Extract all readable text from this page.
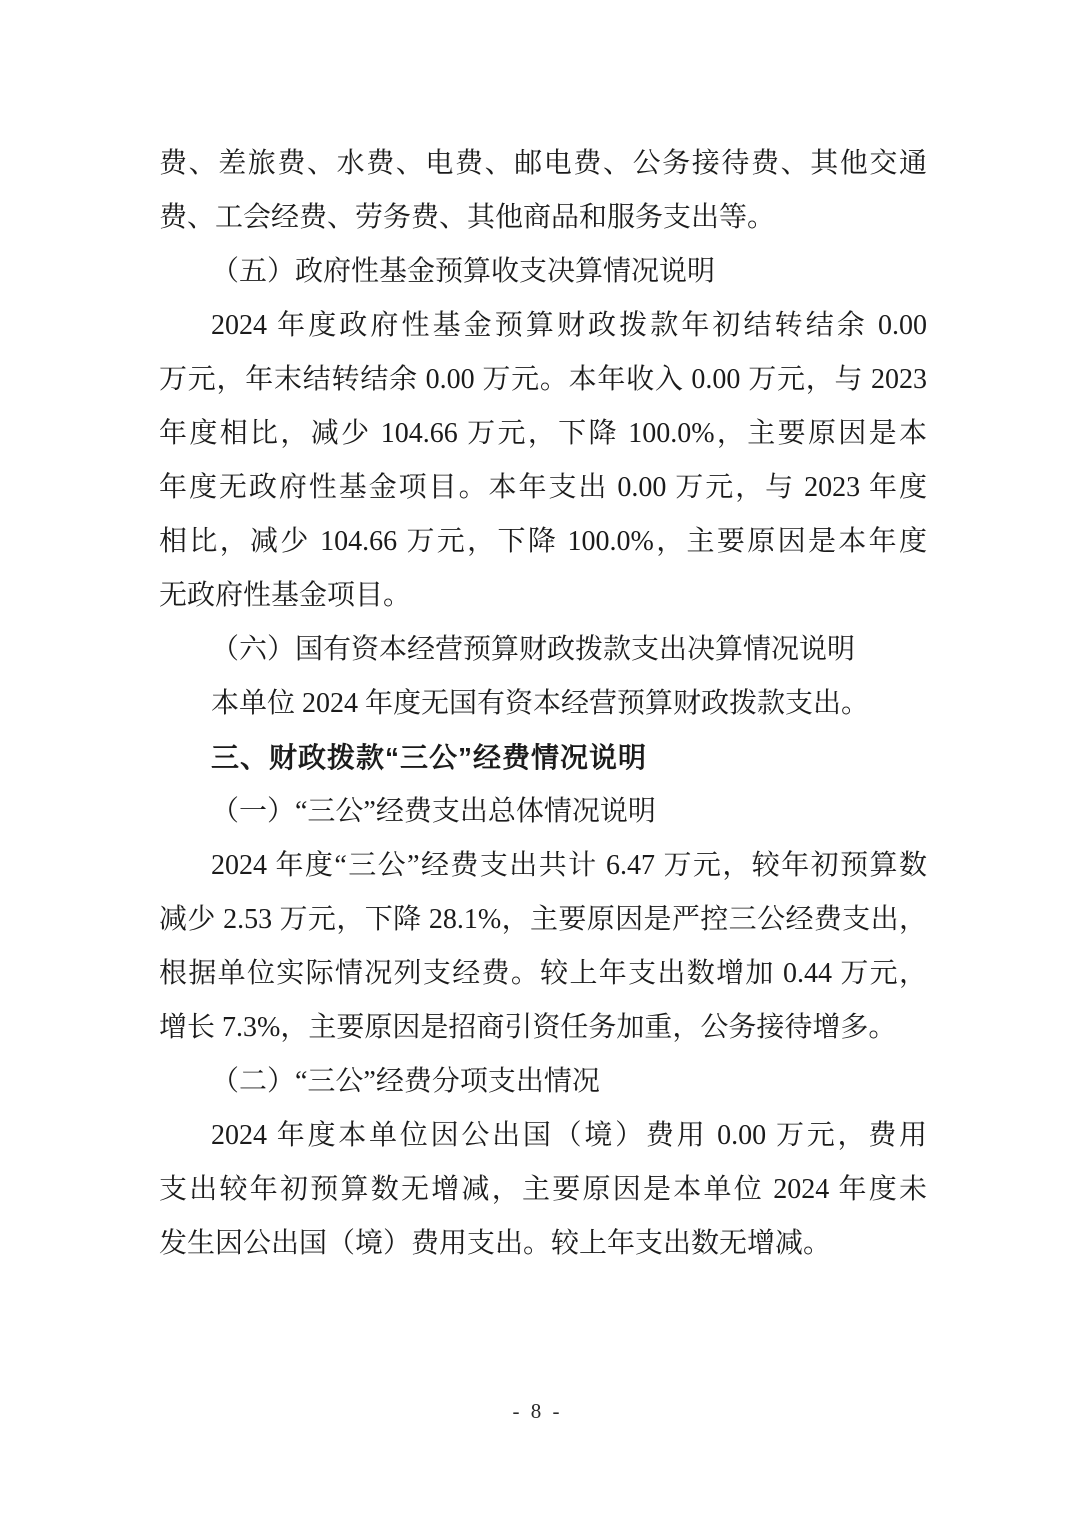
费、差旅费、水费、电费、邮电费、公务接待费、其他交通
费、工会经费、劳务费、其他商品和服务支出等。
（五）政府性基金预算收支决算情况说明
2024 年度政府性基金预算财政拨款年初结转结余 0.00
万元，年末结转结余 0.00 万元。本年收入 0.00 万元，与 2023
年度相比，减少 104.66 万元，下降 100.0%，主要原因是本
年度无政府性基金项目。本年支出 0.00 万元，与 2023 年度
相比，减少 104.66 万元，下降 100.0%，主要原因是本年度
无政府性基金项目。
（六）国有资本经营预算财政拨款支出决算情况说明
本单位 2024 年度无国有资本经营预算财政拨款支出。
三、财政拨款“三公”经费情况说明
（一）“三公”经费支出总体情况说明
2024 年度“三公”经费支出共计 6.47 万元，较年初预算数
减少 2.53 万元，下降 28.1%，主要原因是严控三公经费支出，
根据单位实际情况列支经费。较上年支出数增加 0.44 万元，
增长 7.3%，主要原因是招商引资任务加重，公务接待增多。
（二）“三公”经费分项支出情况
2024 年度本单位因公出国（境）费用 0.00 万元，费用
支出较年初预算数无增减，主要原因是本单位 2024 年度未
发生因公出国（境）费用支出。较上年支出数无增减。
- 8 -
